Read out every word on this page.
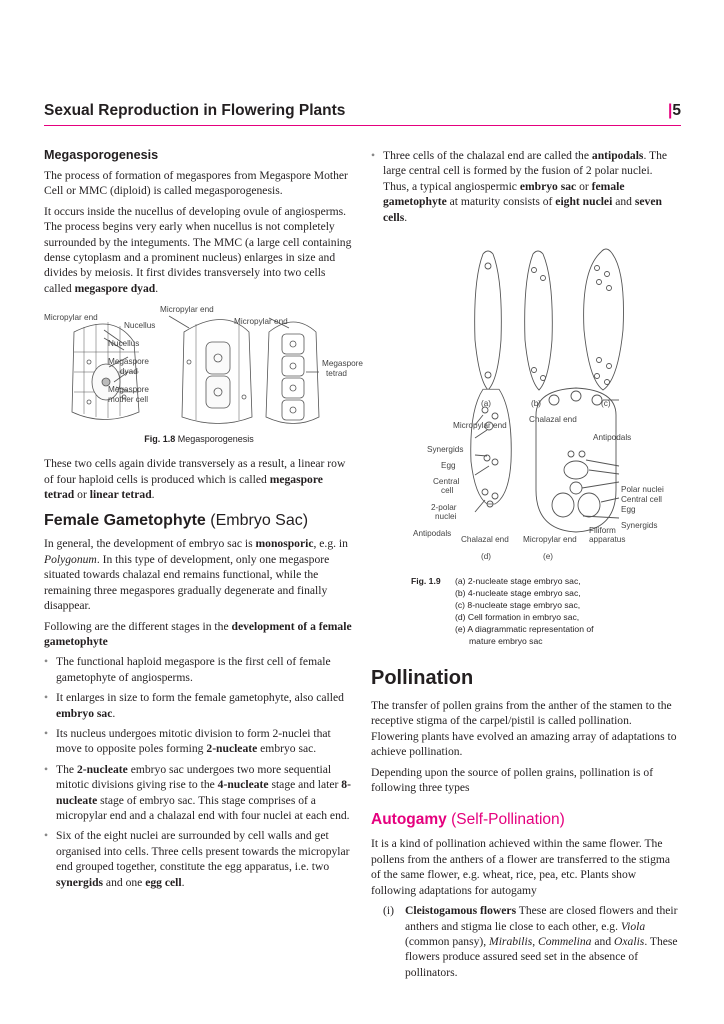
Sexual Reproduction in Flowering Plants	|5
Megasporogenesis

The process of formation of megaspores from Megaspore Mother Cell or MMC (diploid) is called megasporogenesis.

It occurs inside the nucellus of developing ovule of angiosperms. The process begins very early when nucellus is not completely surrounded by the integuments. The MMC (a large cell containing dense cytoplasm and a prominent nucleus) enlarges in size and divides by meiosis. It first divides transversely into two cells called megaspore dyad.

Micropylar end
Nucellus
Micropylar end
Micropylar end
Nucellus
Megaspore
dyad
Megaspore
mother cell
Megaspore
tetrad
Fig. 1.8 Megasporogenesis

These two cells again divide transversely as a result, a linear row of four haploid cells is produced which is called megaspore tetrad or linear tetrad.

Female Gametophyte (Embryo Sac)

In general, the development of embryo sac is monosporic, e.g. in Polygonum. In this type of development, only one megaspore situated towards chalazal end remains functional, while the remaining three megaspores gradually degenerate and finally disappear.

Following are the different stages in the development of a female gametophyte

• The functional haploid megaspore is the first cell of female gametophyte of angiosperms.
• It enlarges in size to form the female gametophyte, also called embryo sac.
• Its nucleus undergoes mitotic division to form 2-nuclei that move to opposite poles forming 2-nucleate embryo sac.
• The 2-nucleate embryo sac undergoes two more sequential mitotic divisions giving rise to the 4-nucleate stage and later 8-nucleate stage of embryo sac. This stage comprises of a micropylar end and a chalazal end with four nuclei at each end.
• Six of the eight nuclei are surrounded by cell walls and get organised into cells. Three cells present towards the micropylar end grouped together, constitute the egg apparatus, i.e. two synergids and one egg cell.
• Three cells of the chalazal end are called the antipodals. The large central cell is formed by the fusion of 2 polar nuclei. Thus, a typical angiospermic embryo sac or female gametophyte at maturity consists of eight nuclei and seven cells.
(a)	(b)	(c)
Micropylar end
Chalazal end
Antipodals
Synergids
Egg
Central
cell
2-polar
nuclei
Antipodals
Polar nuclei
Central cell
Egg
Synergids
Filiform
apparatus
Chalazal end Micropylar end
(d)	(e)
Fig. 1.9 (a) 2-nucleate stage embryo sac,
(b) 4-nucleate stage embryo sac,
(c) 8-nucleate stage embryo sac,
(d) Cell formation in embryo sac,
(e) A diagrammatic representation of
mature embryo sac
Pollination

The transfer of pollen grains from the anther of the stamen to the receptive stigma of the carpel/pistil is called pollination. Flowering plants have evolved an amazing array of adaptations to achieve pollination.

Depending upon the source of pollen grains, pollination is of following three types

Autogamy (Self-Pollination)

It is a kind of pollination achieved within the same flower. The pollens from the anthers of a flower are transferred to the stigma of the same flower, e.g. wheat, rice, pea, etc. Plants show following adaptations for autogamy

(i) Cleistogamous flowers These are closed flowers and their anthers and stigma lie close to each other, e.g. Viola (common pansy), Mirabilis, Commelina and Oxalis. These flowers produce assured seed set in the absence of pollinators.
